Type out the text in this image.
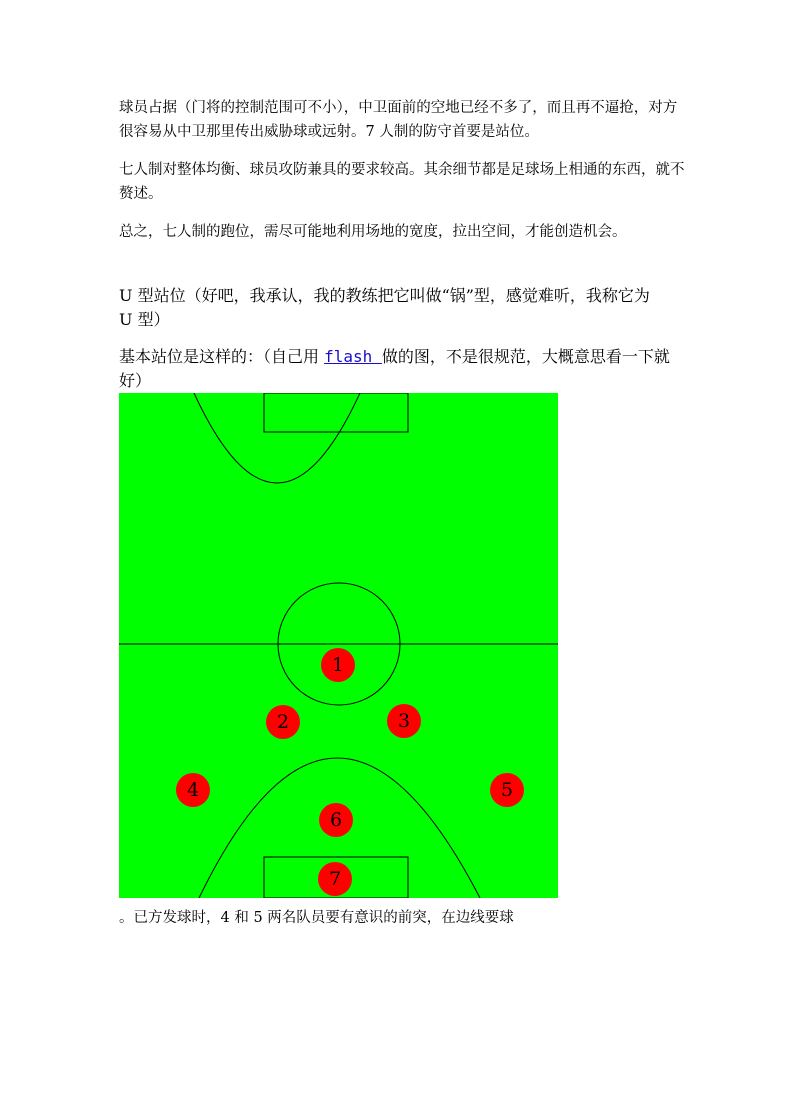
球员占据（门将的控制范围可不小），中卫面前的空地已经不多了，而且再不逼抢，对方
很容易从中卫那里传出威胁球或远射。7 人制的防守首要是站位。

七人制对整体均衡、球员攻防兼具的要求较高。其余细节都是足球场上相通的东西，就不
赘述。

总之，七人制的跑位，需尽可能地利用场地的宽度，拉出空间，才能创造机会。

U 型站位（好吧，我承认，我的教练把它叫做“锅”型，感觉难听，我称它为
U 型）

基本站位是这样的：（自己用 flash 做的图，不是很规范，大概意思看一下就
好）

1
2	3
4	5
6
7

。已方发球时，4 和 5 两名队员要有意识的前突，在边线要球
